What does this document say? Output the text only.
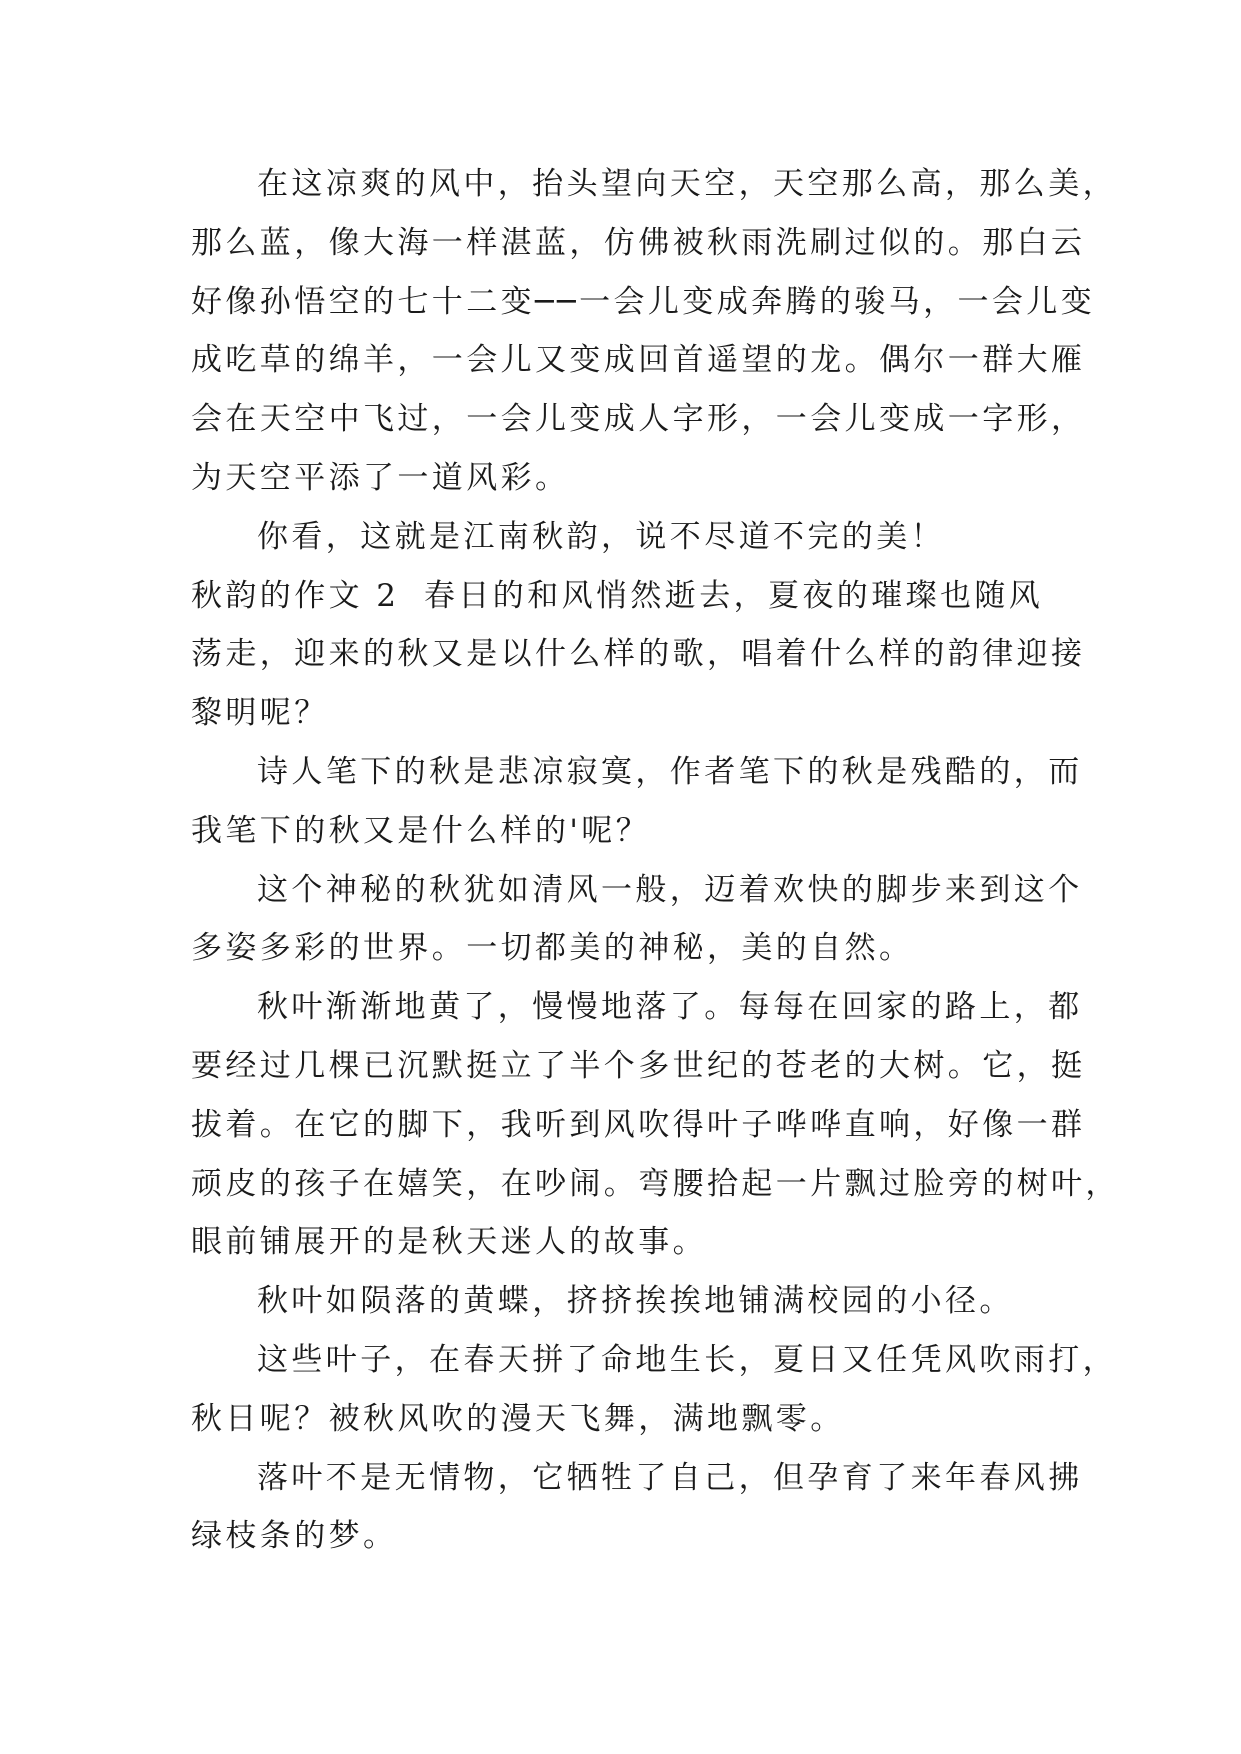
在这凉爽的风中，抬头望向天空，天空那么高，那么美，
那么蓝，像大海一样湛蓝，仿佛被秋雨洗刷过似的。那白云
好像孙悟空的七十二变──一会儿变成奔腾的骏马，一会儿变
成吃草的绵羊，一会儿又变成回首遥望的龙。偶尔一群大雁
会在天空中飞过，一会儿变成人字形，一会儿变成一字形，
为天空平添了一道风彩。
你看，这就是江南秋韵，说不尽道不完的美！
秋韵的作文 2 春日的和风悄然逝去，夏夜的璀璨也随风
荡走，迎来的秋又是以什么样的歌，唱着什么样的韵律迎接
黎明呢？
诗人笔下的秋是悲凉寂寞，作者笔下的秋是残酷的，而
我笔下的秋又是什么样的'呢？
这个神秘的秋犹如清风一般，迈着欢快的脚步来到这个
多姿多彩的世界。一切都美的神秘，美的自然。
秋叶渐渐地黄了，慢慢地落了。每每在回家的路上，都
要经过几棵已沉默挺立了半个多世纪的苍老的大树。它，挺
拔着。在它的脚下，我听到风吹得叶子哗哗直响，好像一群
顽皮的孩子在嬉笑，在吵闹。弯腰拾起一片飘过脸旁的树叶，
眼前铺展开的是秋天迷人的故事。
秋叶如陨落的黄蝶，挤挤挨挨地铺满校园的小径。
这些叶子，在春天拼了命地生长，夏日又任凭风吹雨打，
秋日呢？被秋风吹的漫天飞舞，满地飘零。
落叶不是无情物，它牺牲了自己，但孕育了来年春风拂
绿枝条的梦。
